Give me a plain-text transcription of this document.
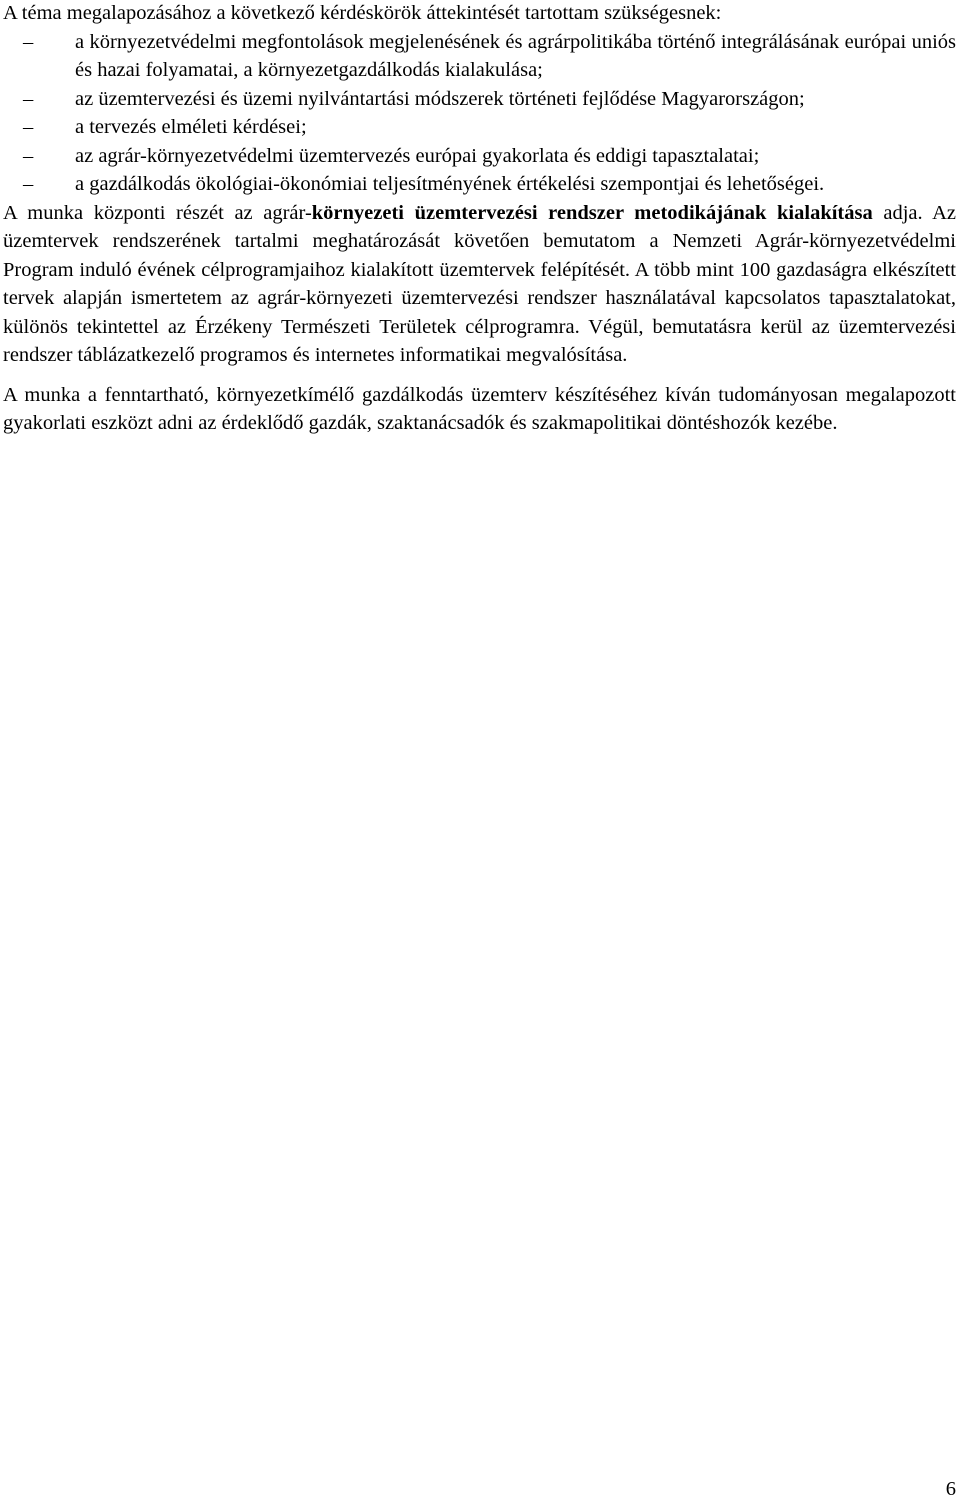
A téma megalapozásához a következő kérdéskörök áttekintését tartottam szükségesnek:

– a környezetvédelmi megfontolások megjelenésének és agrárpolitikába történő integrálásának európai uniós és hazai folyamatai, a környezetgazdálkodás kialakulása;
– az üzemtervezési és üzemi nyilvántartási módszerek történeti fejlődése Magyarországon;
– a tervezés elméleti kérdései;
– az agrár-környezetvédelmi üzemtervezés európai gyakorlata és eddigi tapasztalatai;
– a gazdálkodás ökológiai-ökonómiai teljesítményének értékelési szempontjai és lehetőségei.

A munka központi részét az agrár-környezeti üzemtervezési rendszer metodikájának kialakítása adja. Az üzemtervek rendszerének tartalmi meghatározását követően bemutatom a Nemzeti Agrár-környezetvédelmi Program induló évének célprogramjaihoz kialakított üzemtervek felépítését. A több mint 100 gazdaságra elkészített tervek alapján ismertetem az agrár-környezeti üzemtervezési rendszer használatával kapcsolatos tapasztalatokat, különös tekintettel az Érzékeny Természeti Területek célprogramra. Végül, bemutatásra kerül az üzemtervezési rendszer táblázatkezelő programos és internetes informatikai megvalósítása.

A munka a fenntartható, környezetkímélő gazdálkodás üzemterv készítéséhez kíván tudományosan megalapozott gyakorlati eszközt adni az érdeklődő gazdák, szaktanácsadók és szakmapolitikai döntéshozók kezébe.

6
